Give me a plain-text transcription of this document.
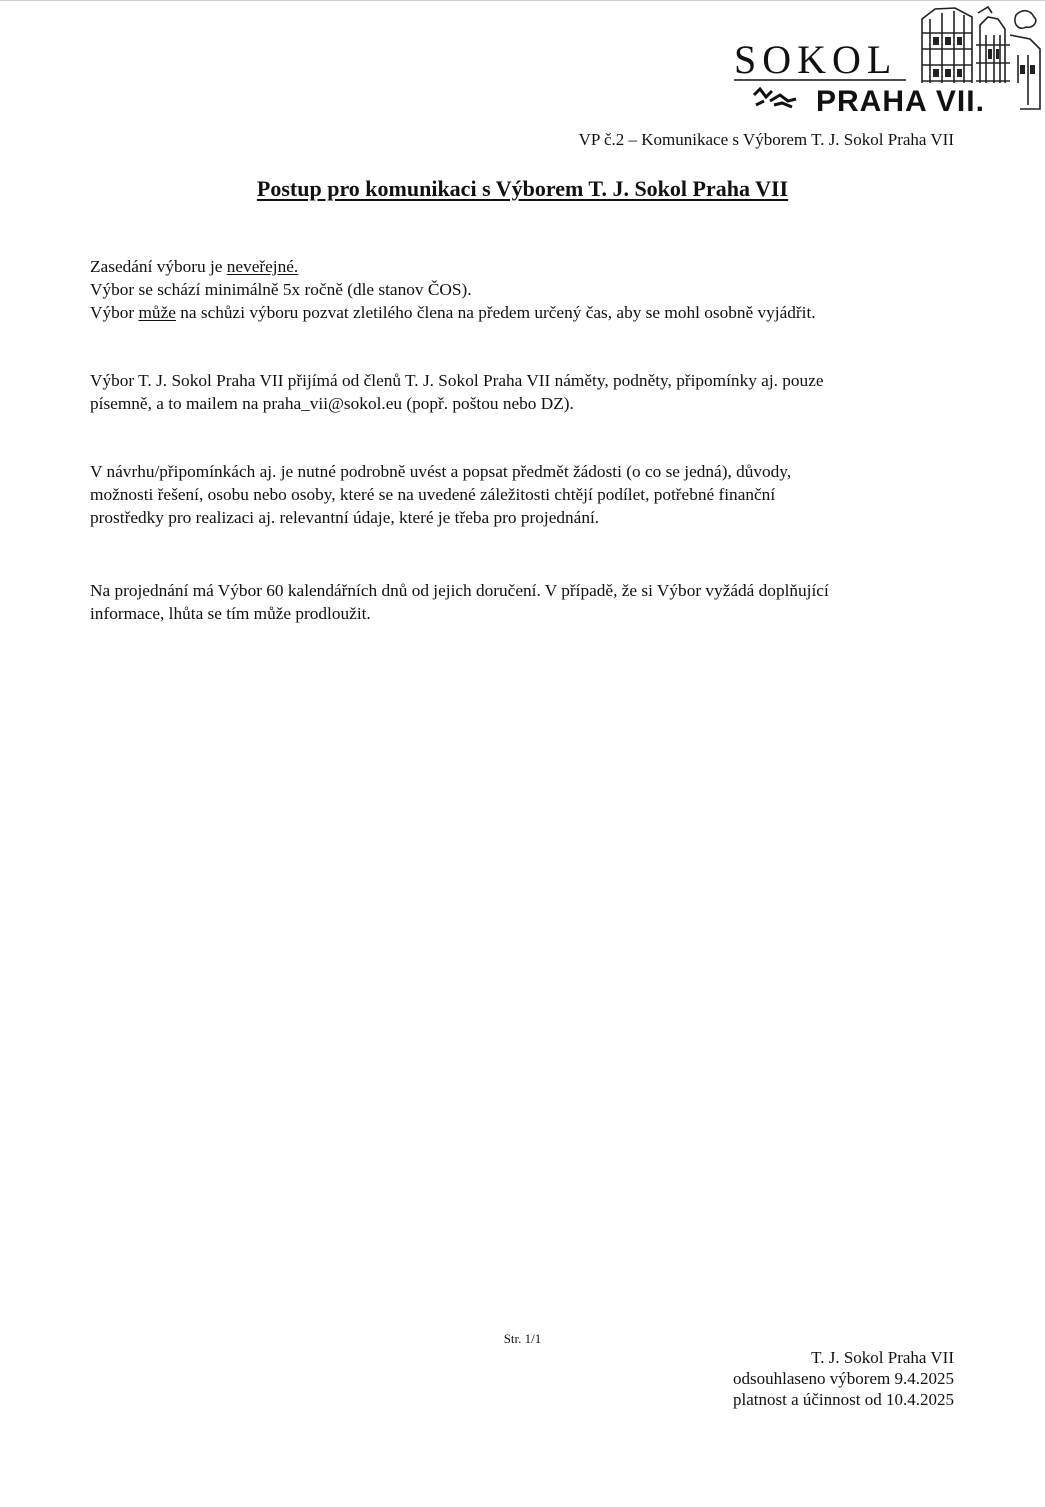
SOKOL
PRAHA VII.
VP č.2 – Komunikace s Výborem T. J. Sokol Praha VII
Postup pro komunikaci s Výborem T. J. Sokol Praha VII
Zasedání výboru je neveřejné.
Výbor se schází minimálně 5x ročně (dle stanov ČOS).
Výbor může na schůzi výboru pozvat zletilého člena na předem určený čas, aby se mohl osobně vyjádřit.
Výbor T. J. Sokol Praha VII přijímá od členů T. J. Sokol Praha VII náměty, podněty, připomínky aj. pouze
písemně, a to mailem na praha_vii@sokol.eu (popř. poštou nebo DZ).
V návrhu/připomínkách aj. je nutné podrobně uvést a popsat předmět žádosti (o co se jedná), důvody,
možnosti řešení, osobu nebo osoby, které se na uvedené záležitosti chtějí podílet, potřebné finanční
prostředky pro realizaci aj. relevantní údaje, které je třeba pro projednání.
Na projednání má Výbor 60 kalendářních dnů od jejich doručení. V případě, že si Výbor vyžádá doplňující
informace, lhůta se tím může prodloužit.
Str. 1/1
T. J. Sokol Praha VII
odsouhlaseno výborem 9.4.2025
platnost a účinnost od 10.4.2025
